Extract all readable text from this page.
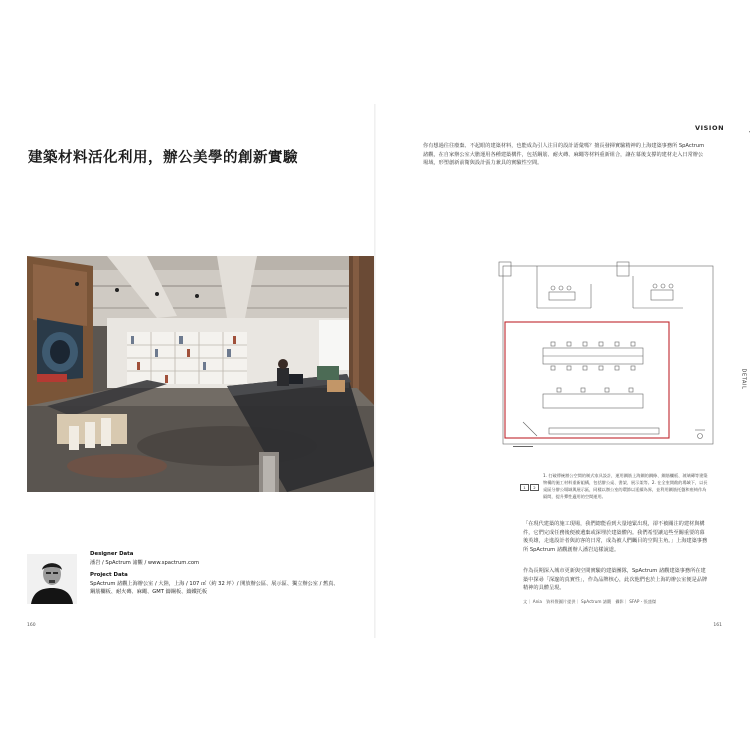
建築材料活化利用，辦公美學的創新實驗
Designer Data
潘岩 / SpActrum 諸觀 / www.spactrum.com
Project Data
SpActrum 諸觀上海辦公室 / 大陸，上海 / 107 ㎡（約 32 坪）/ 開放辦公區、展示區、獨立辦公室 / 舊真、
鋼筋欄板、耐火磚、麻繩、GMT 鑄鋼板、鑄鐵托板
160
VISION
你有想過往往廢棄、不起眼的建築材料，也能成為引人注目的設計語彙嗎？擅長發揮實驗精神的上海建築事務所 SpActrum 諸觀，在自家辦公室大膽運用各種建築構件，包括鋼筋、耐火磚、麻繩等材料重新組合，讓在幕後支撐的建材走入日常辦公場域，形塑創新前衛與設計張力兼具的實驗性空間。
DETAIL
1	2
1. 打破傳統辦公空間的制式家具設計，運用鋼筋上海鋼的鋼條、鋼筋欄板、玻璃磚等建築物構的施工材料重新組構，包括辦公桌、書架、展示架等。2. 在全室開敞的場域下，以長桌區分辦公場域與展示區，同樣以辦公室的環節以延續為界，並利用鋼筋托盤和座椅作為隔間，提升彈性適用的空間運用。
「在現代建築的施工現場，我們總能看到大量地緊出現，卻不被關注的建材與構件，它們完成任務後便被遺棄或深埋於建築體內。我們希望讓這些至關重要的幕後英雄，走進設計者與訪客的日常，成為被人們矚目的空間主角。」上海建築事務所 SpActrum 諸觀創辦人潘岩這樣說道。
作為長期深入城市更新與空間實驗的建築團隊，SpActrum 諸觀建築事務所在建築中探尋「深邃的真實性」，作為品牌核心，此次他們也於上海的辦公室便是品牌精神的具體呈現。
文｜ Ania　資料暨圖片提供｜ SpActrum 諸觀　攝影｜ SFAP・張盛傑
161
